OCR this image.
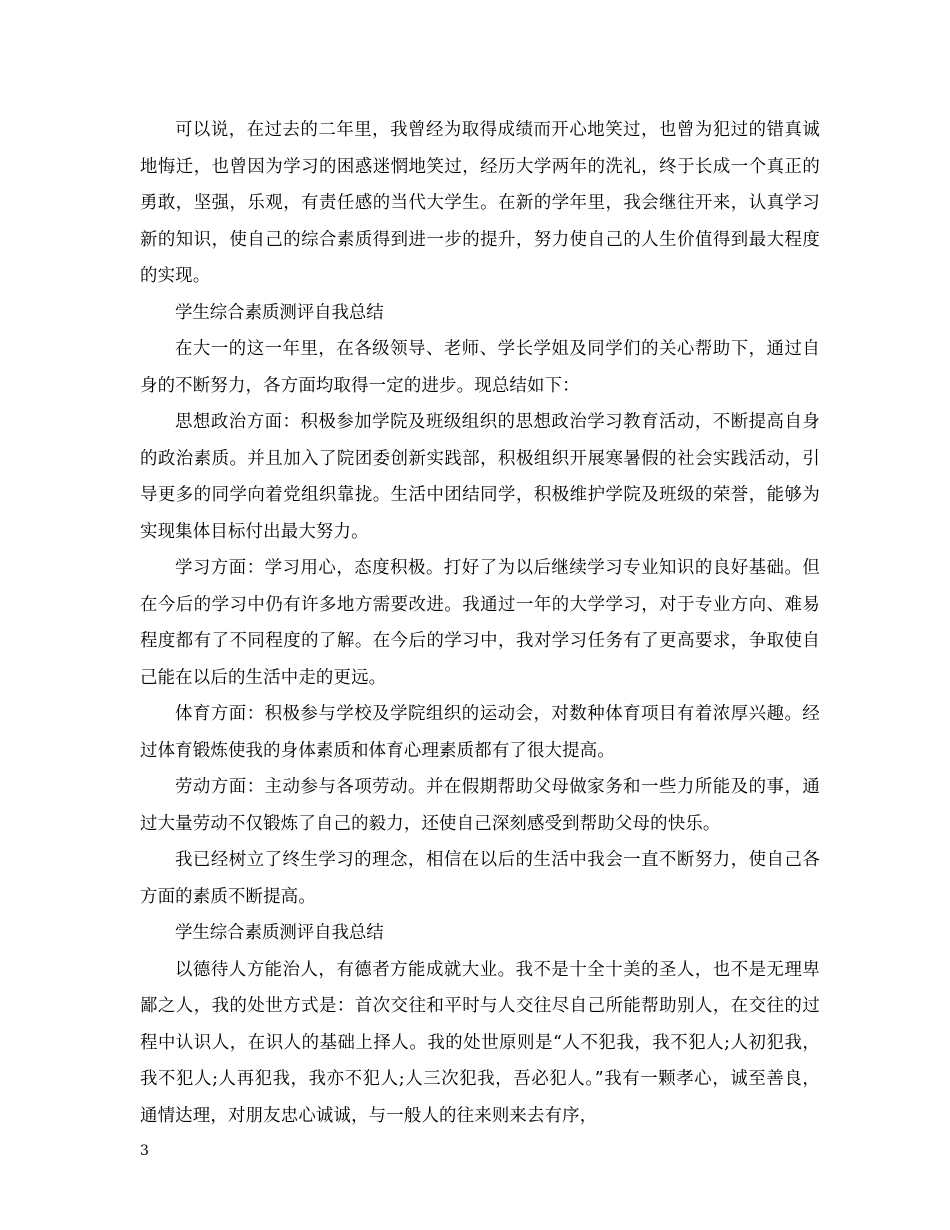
可以说，在过去的二年里，我曾经为取得成绩而开心地笑过，也曾为犯过的错真诚地悔迁，也曾因为学习的困惑迷惘地笑过，经历大学两年的洗礼，终于长成一个真正的勇敢，坚强，乐观，有责任感的当代大学生。在新的学年里，我会继往开来，认真学习新的知识，使自己的综合素质得到进一步的提升，努力使自己的人生价值得到最大程度的实现。

学生综合素质测评自我总结

在大一的这一年里，在各级领导、老师、学长学姐及同学们的关心帮助下，通过自身的不断努力，各方面均取得一定的进步。现总结如下：

思想政治方面：积极参加学院及班级组织的思想政治学习教育活动，不断提高自身的政治素质。并且加入了院团委创新实践部，积极组织开展寒暑假的社会实践活动，引导更多的同学向着党组织靠拢。生活中团结同学，积极维护学院及班级的荣誉，能够为实现集体目标付出最大努力。

学习方面：学习用心，态度积极。打好了为以后继续学习专业知识的良好基础。但在今后的学习中仍有许多地方需要改进。我通过一年的大学学习，对于专业方向、难易程度都有了不同程度的了解。在今后的学习中，我对学习任务有了更高要求，争取使自己能在以后的生活中走的更远。

体育方面：积极参与学校及学院组织的运动会，对数种体育项目有着浓厚兴趣。经过体育锻炼使我的身体素质和体育心理素质都有了很大提高。

劳动方面：主动参与各项劳动。并在假期帮助父母做家务和一些力所能及的事，通过大量劳动不仅锻炼了自己的毅力，还使自己深刻感受到帮助父母的快乐。

我已经树立了终生学习的理念，相信在以后的生活中我会一直不断努力，使自己各方面的素质不断提高。

学生综合素质测评自我总结

以德待人方能治人，有德者方能成就大业。我不是十全十美的圣人，也不是无理卑鄙之人，我的处世方式是：首次交往和平时与人交往尽自己所能帮助别人，在交往的过程中认识人，在识人的基础上择人。我的处世原则是“人不犯我，我不犯人;人初犯我，我不犯人;人再犯我，我亦不犯人;人三次犯我，吾必犯人。”我有一颗孝心，诚至善良，通情达理，对朋友忠心诚诚，与一般人的往来则来去有序，

3
